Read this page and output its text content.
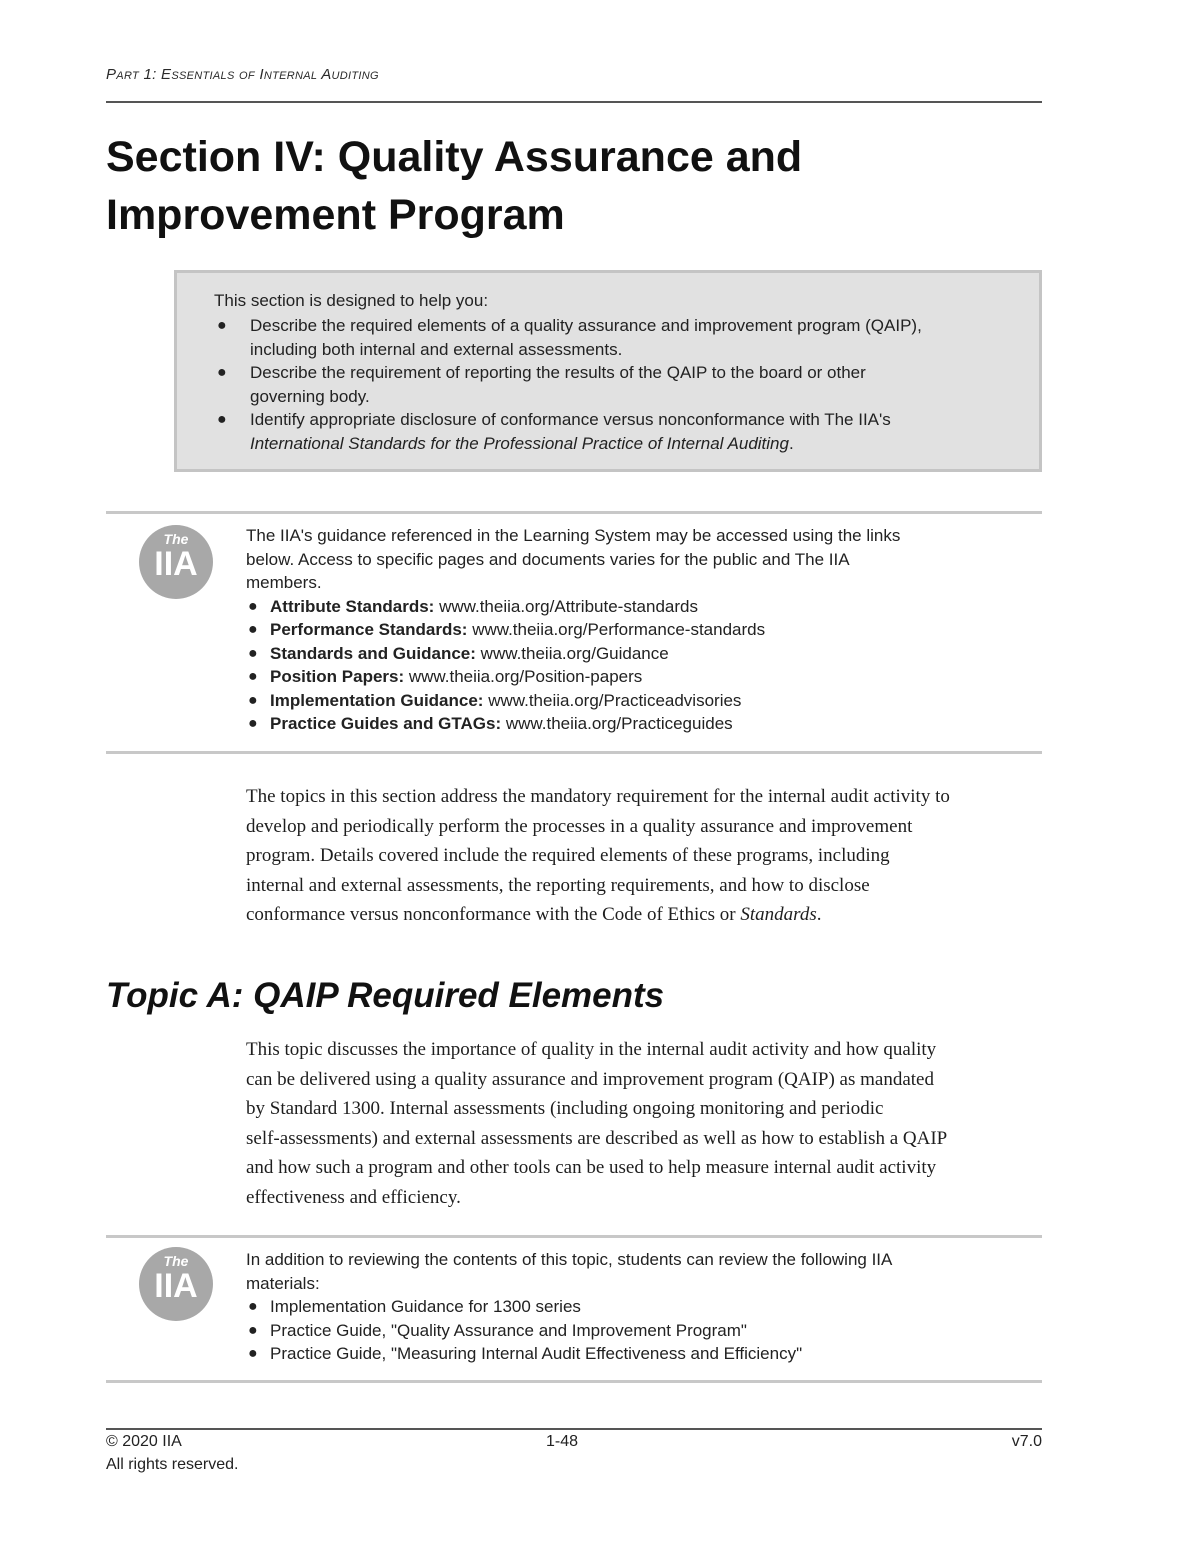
Part 1: Essentials of Internal Auditing
Section IV: Quality Assurance and
Improvement Program
This section is designed to help you:
● Describe the required elements of a quality assurance and improvement program (QAIP),
including both internal and external assessments.
● Describe the requirement of reporting the results of the QAIP to the board or other
governing body.
● Identify appropriate disclosure of conformance versus nonconformance with The IIA's
International Standards for the Professional Practice of Internal Auditing.
The
IIA
The IIA's guidance referenced in the Learning System may be accessed using the links
below. Access to specific pages and documents varies for the public and The IIA
members.
● Attribute Standards: www.theiia.org/Attribute-standards
● Performance Standards: www.theiia.org/Performance-standards
● Standards and Guidance: www.theiia.org/Guidance
● Position Papers: www.theiia.org/Position-papers
● Implementation Guidance: www.theiia.org/Practiceadvisories
● Practice Guides and GTAGs: www.theiia.org/Practiceguides
The topics in this section address the mandatory requirement for the internal audit activity to
develop and periodically perform the processes in a quality assurance and improvement
program. Details covered include the required elements of these programs, including
internal and external assessments, the reporting requirements, and how to disclose
conformance versus nonconformance with the Code of Ethics or Standards.
Topic A: QAIP Required Elements
This topic discusses the importance of quality in the internal audit activity and how quality
can be delivered using a quality assurance and improvement program (QAIP) as mandated
by Standard 1300. Internal assessments (including ongoing monitoring and periodic
self-assessments) and external assessments are described as well as how to establish a QAIP
and how such a program and other tools can be used to help measure internal audit activity
effectiveness and efficiency.
The
IIA
In addition to reviewing the contents of this topic, students can review the following IIA
materials:
● Implementation Guidance for 1300 series
● Practice Guide, "Quality Assurance and Improvement Program"
● Practice Guide, "Measuring Internal Audit Effectiveness and Efficiency"
© 2020 IIA
All rights reserved.
1-48	v7.0
